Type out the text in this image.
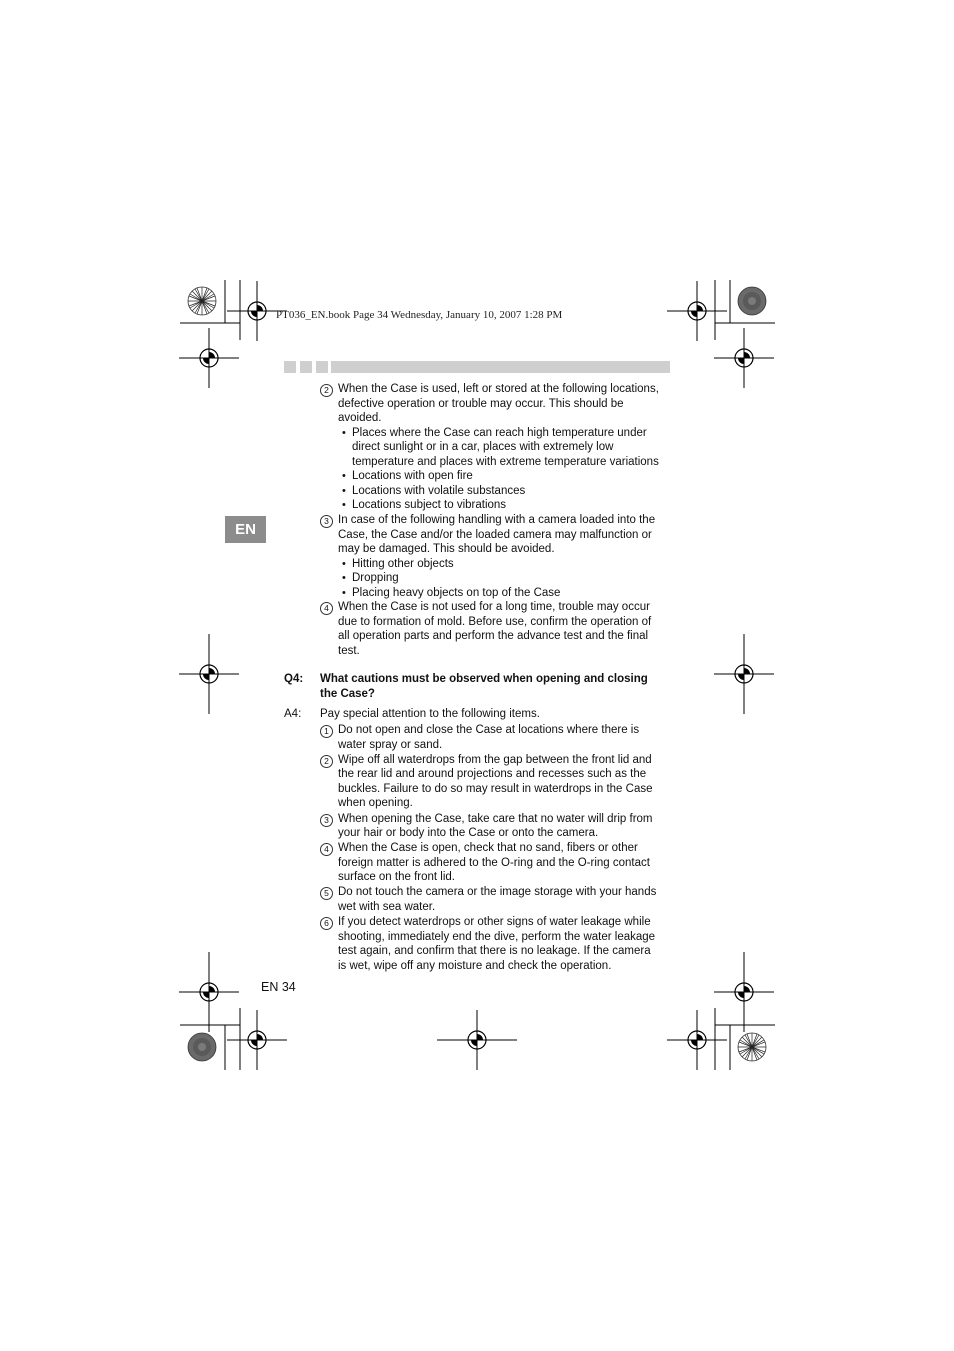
PT036_EN.book Page 34 Wednesday, January 10, 2007 1:28 PM
EN
2 When the Case is used, left or stored at the following locations,
defective operation or trouble may occur. This should be
avoided.
• Places where the Case can reach high temperature under
direct sunlight or in a car, places with extremely low
temperature and places with extreme temperature variations
• Locations with open fire
• Locations with volatile substances
• Locations subject to vibrations
3 In case of the following handling with a camera loaded into the
Case, the Case and/or the loaded camera may malfunction or
may be damaged. This should be avoided.
• Hitting other objects
• Dropping
• Placing heavy objects on top of the Case
4 When the Case is not used for a long time, trouble may occur
due to formation of mold. Before use, confirm the operation of
all operation parts and perform the advance test and the final
test.
Q4: What cautions must be observed when opening and closing
the Case?
A4: Pay special attention to the following items.
1 Do not open and close the Case at locations where there is
water spray or sand.
2 Wipe off all waterdrops from the gap between the front lid and
the rear lid and around projections and recesses such as the
buckles. Failure to do so may result in waterdrops in the Case
when opening.
3 When opening the Case, take care that no water will drip from
your hair or body into the Case or onto the camera.
4 When the Case is open, check that no sand, fibers or other
foreign matter is adhered to the O-ring and the O-ring contact
surface on the front lid.
5 Do not touch the camera or the image storage with your hands
wet with sea water.
6 If you detect waterdrops or other signs of water leakage while
shooting, immediately end the dive, perform the water leakage
test again, and confirm that there is no leakage. If the camera
is wet, wipe off any moisture and check the operation.
EN 34
